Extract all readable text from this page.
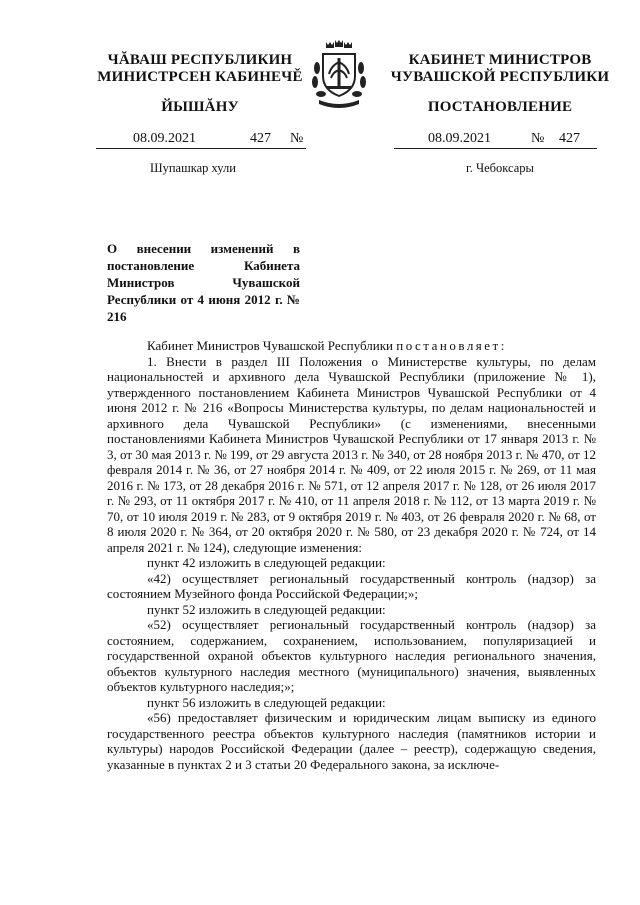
ЧĂВАШ РЕСПУБЛИКИН
МИНИСТРСЕН КАБИНЕЧĔ
ЙЫШĂНУ
КАБИНЕТ МИНИСТРОВ
ЧУВАШСКОЙ РЕСПУБЛИКИ
ПОСТАНОВЛЕНИЕ
08.09.2021	427 №	08.09.2021	№ 427
Шупашкар хули	г. Чебоксары
О внесении изменений в постановление Кабинета Министров Чувашской Республики от 4 июня 2012 г. № 216

Кабинет Министров Чувашской Республики постановляет:

1. Внести в раздел III Положения о Министерстве культуры, по делам национальностей и архивного дела Чувашской Республики (приложение № 1), утвержденного постановлением Кабинета Министров Чувашской Республики от 4 июня 2012 г. № 216 «Вопросы Министерства культуры, по делам национальностей и архивного дела Чувашской Республики» (с изменениями, внесенными постановлениями Кабинета Министров Чувашской Республики от 17 января 2013 г. № 3, от 30 мая 2013 г. № 199, от 29 августа 2013 г. № 340, от 28 ноября 2013 г. № 470, от 12 февраля 2014 г. № 36, от 27 ноября 2014 г. № 409, от 22 июля 2015 г. № 269, от 11 мая 2016 г. № 173, от 28 декабря 2016 г. № 571, от 12 апреля 2017 г. № 128, от 26 июля 2017 г. № 293, от 11 октября 2017 г. № 410, от 11 апреля 2018 г. № 112, от 13 марта 2019 г. № 70, от 10 июля 2019 г. № 283, от 9 октября 2019 г. № 403, от 26 февраля 2020 г. № 68, от 8 июля 2020 г. № 364, от 20 октября 2020 г. № 580, от 23 декабря 2020 г. № 724, от 14 апреля 2021 г. № 124), следующие изменения:

пункт 42 изложить в следующей редакции:

«42) осуществляет региональный государственный контроль (надзор) за состоянием Музейного фонда Российской Федерации;»;

пункт 52 изложить в следующей редакции:

«52) осуществляет региональный государственный контроль (надзор) за состоянием, содержанием, сохранением, использованием, популяризацией и государственной охраной объектов культурного наследия регионального значения, объектов культурного наследия местного (муниципального) значения, выявленных объектов культурного наследия;»;

пункт 56 изложить в следующей редакции:

«56) предоставляет физическим и юридическим лицам выписку из единого государственного реестра объектов культурного наследия (памятников истории и культуры) народов Российской Федерации (далее – реестр), содержащую сведения, указанные в пунктах 2 и 3 статьи 20 Федерального закона, за исключе-
